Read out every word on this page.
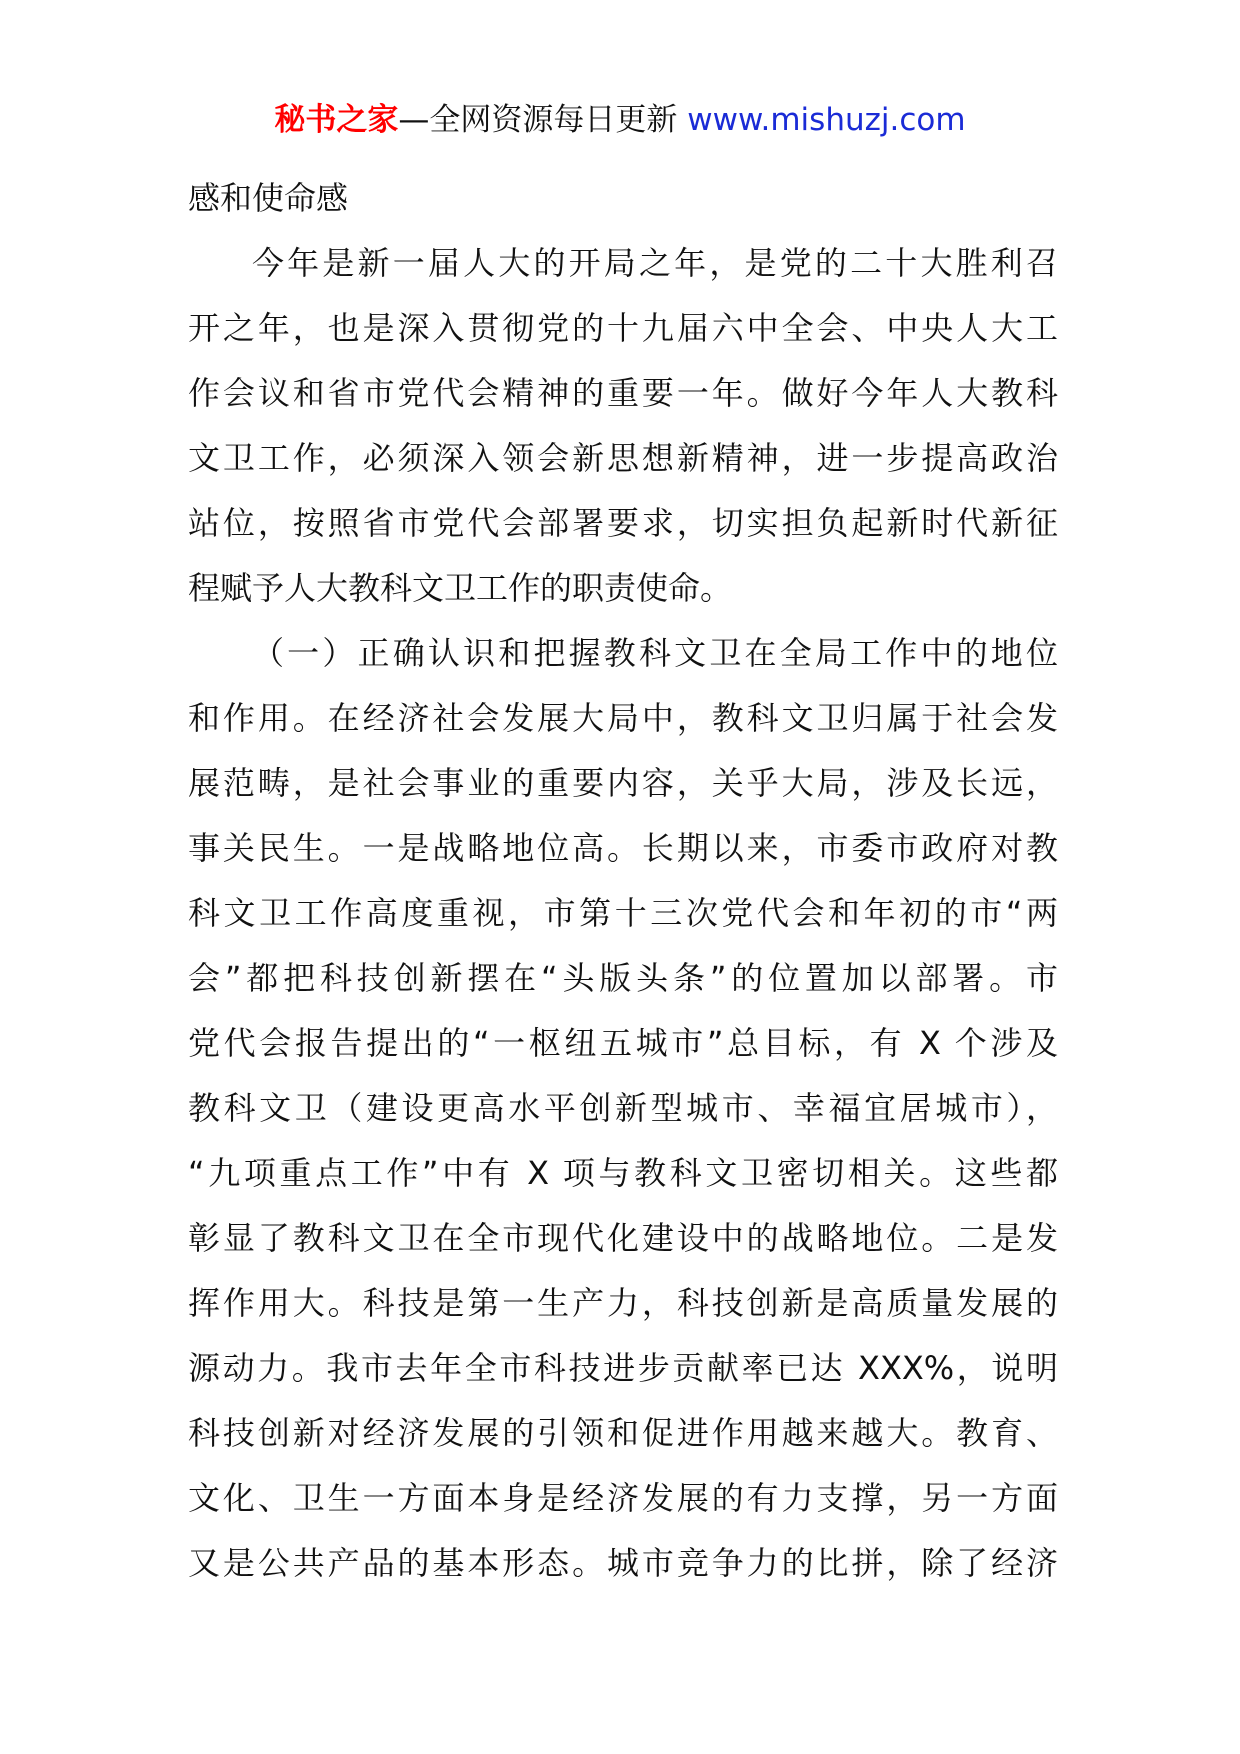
秘书之家—全网资源每日更新 www.mishuzj.com
感和使命感
今年是新一届人大的开局之年，是党的二十大胜利召
开之年，也是深入贯彻党的十九届六中全会、中央人大工
作会议和省市党代会精神的重要一年。做好今年人大教科
文卫工作，必须深入领会新思想新精神，进一步提高政治
站位，按照省市党代会部署要求，切实担负起新时代新征
程赋予人大教科文卫工作的职责使命。
（一）正确认识和把握教科文卫在全局工作中的地位
和作用。在经济社会发展大局中，教科文卫归属于社会发
展范畴，是社会事业的重要内容，关乎大局，涉及长远，
事关民生。一是战略地位高。长期以来，市委市政府对教
科文卫工作高度重视，市第十三次党代会和年初的市“两
会”都把科技创新摆在“头版头条”的位置加以部署。市
党代会报告提出的“一枢纽五城市”总目标，有 X 个涉及
教科文卫（建设更高水平创新型城市、幸福宜居城市），
“九项重点工作”中有 X 项与教科文卫密切相关。这些都
彰显了教科文卫在全市现代化建设中的战略地位。二是发
挥作用大。科技是第一生产力，科技创新是高质量发展的
源动力。我市去年全市科技进步贡献率已达 XXX%，说明
科技创新对经济发展的引领和促进作用越来越大。教育、
文化、卫生一方面本身是经济发展的有力支撑，另一方面
又是公共产品的基本形态。城市竞争力的比拼，除了经济
